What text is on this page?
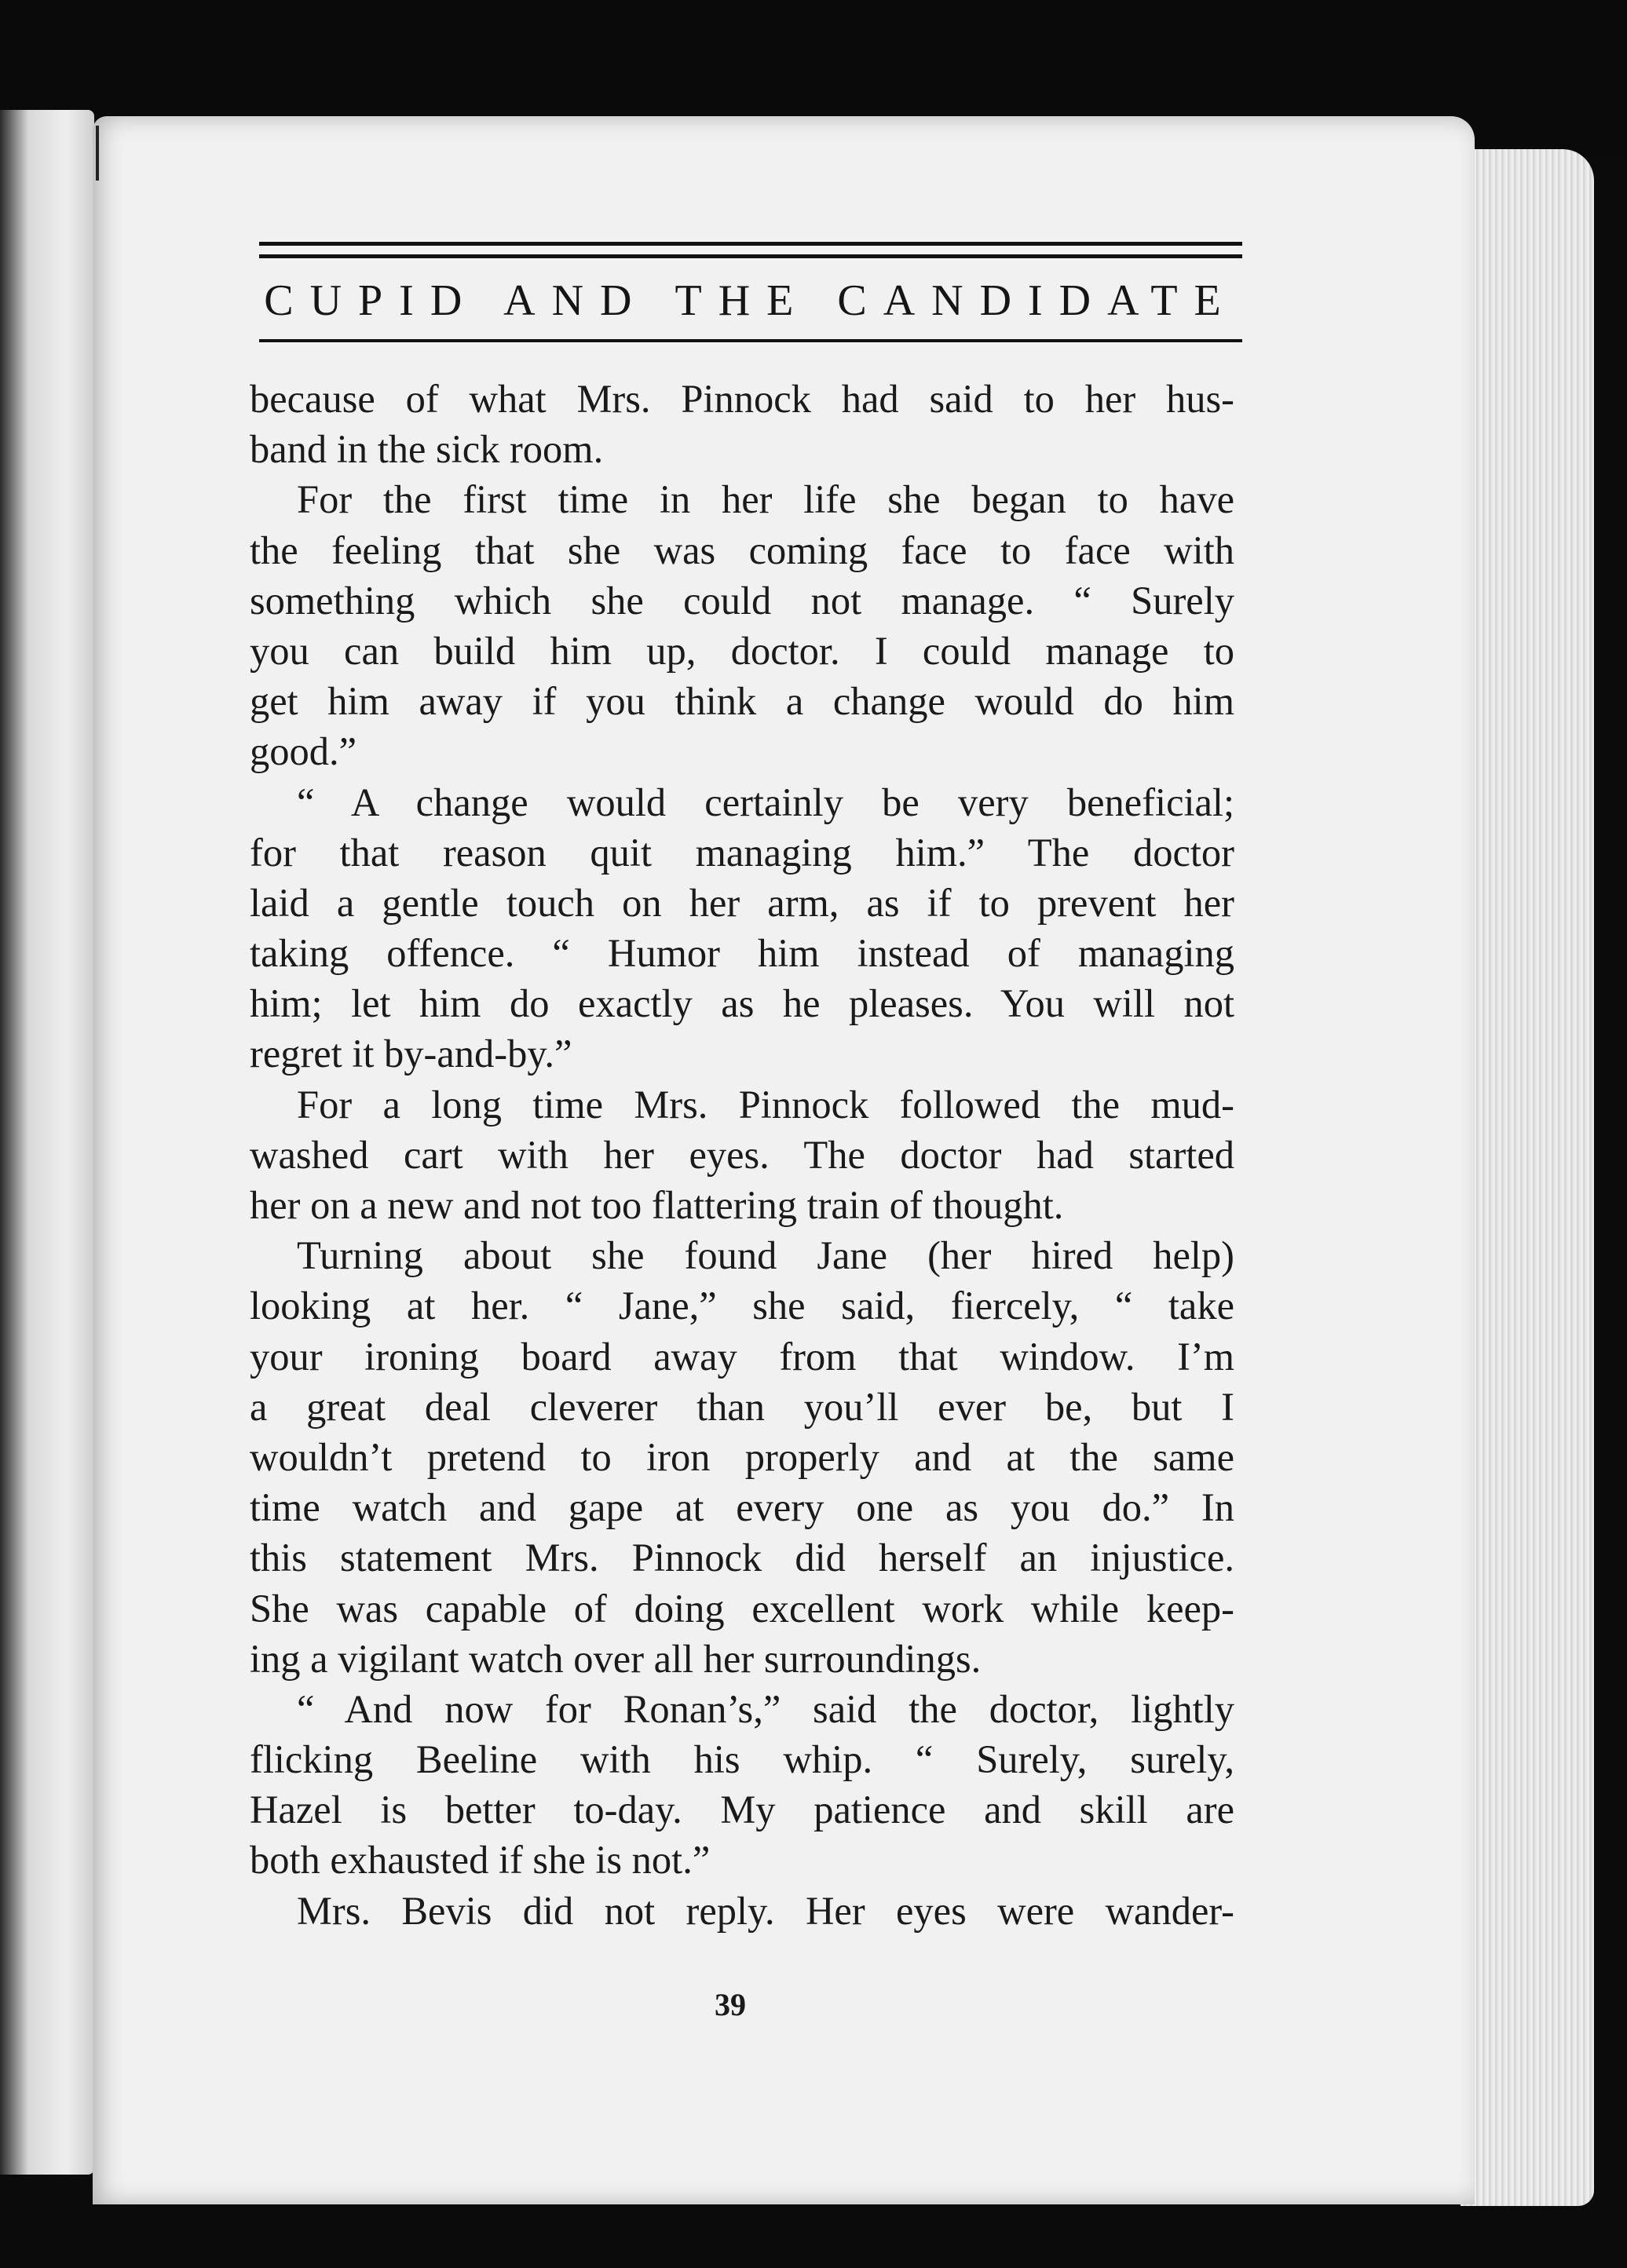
CUPID AND THE CANDIDATE
because of what Mrs. Pinnock had said to her hus-
band in the sick room.
For the first time in her life she began to have
the feeling that she was coming face to face with
something which she could not manage. “ Surely
you can build him up, doctor. I could manage to
get him away if you think a change would do him
good.”
“ A change would certainly be very beneficial;
for that reason quit managing him.” The doctor
laid a gentle touch on her arm, as if to prevent her
taking offence. “ Humor him instead of managing
him; let him do exactly as he pleases. You will not
regret it by-and-by.”
For a long time Mrs. Pinnock followed the mud-
washed cart with her eyes. The doctor had started
her on a new and not too flattering train of thought.
Turning about she found Jane (her hired help)
looking at her. “ Jane,” she said, fiercely, “ take
your ironing board away from that window. I’m
a great deal cleverer than you’ll ever be, but I
wouldn’t pretend to iron properly and at the same
time watch and gape at every one as you do.” In
this statement Mrs. Pinnock did herself an injustice.
She was capable of doing excellent work while keep-
ing a vigilant watch over all her surroundings.
“ And now for Ronan’s,” said the doctor, lightly
flicking Beeline with his whip. “ Surely, surely,
Hazel is better to-day. My patience and skill are
both exhausted if she is not.”
Mrs. Bevis did not reply. Her eyes were wander-
39
